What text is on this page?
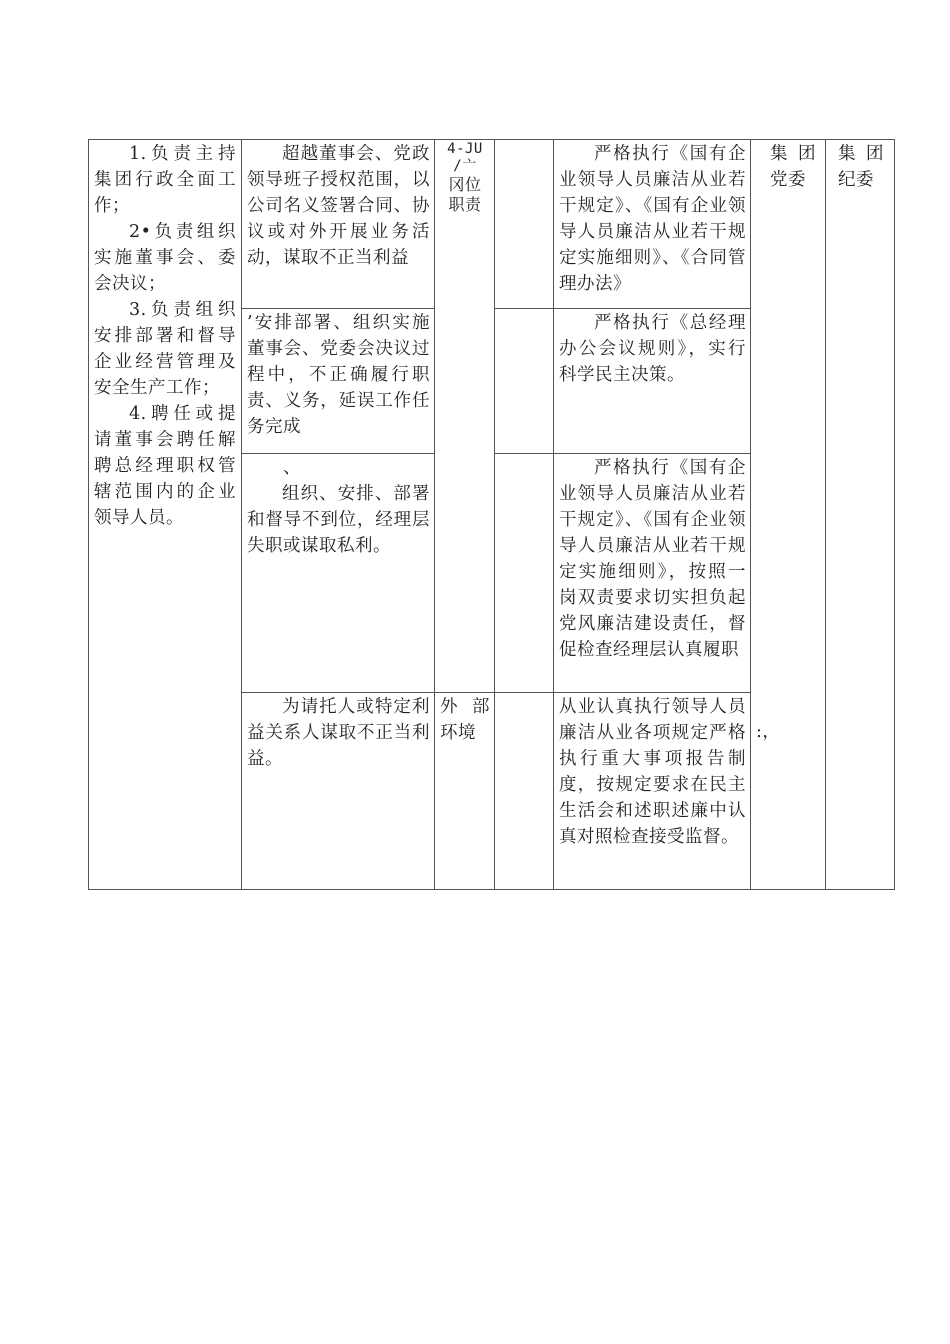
1.负责主持集团行政全面工作；

2•负责组织实施董事会、委会决议；

3.负责组织安排部署和督导企业经营管理及安全生产工作；

4.聘任或提请董事会聘任解聘总经理职权管辖范围内的企业领导人员。

超越董事会、党政领导班子授权范围，以公司名义签署合同、协议或对外开展业务活动，谋取不正当利益

’安排部署、组织实施董事会、党委会决议过程中，不正确履行职责、义务，延误工作任务完成

、

组织、安排、部署和督导不到位，经理层失职或谋取私利。

为请托人或特定利益关系人谋取不正当利益。

4-JU
/亠
冈位
职责

外部环境

严格执行《国有企业领导人员廉洁从业若干规定》、《国有企业领导人员廉洁从业若干规定实施细则》、《合同管理办法》

严格执行《总经理办公会议规则》，实行科学民主决策。

严格执行《国有企业领导人员廉洁从业若干规定》、《国有企业领导人员廉洁从业若干规定实施细则》，按照一岗双责要求切实担负起党风廉洁建设责任，督促检查经理层认真履职

从业认真执行领导人员廉洁从业各项规定严格执行重大事项报告制度，按规定要求在民主生活会和述职述廉中认真对照检查接受监督。

集团党委

:，

集团纪委
